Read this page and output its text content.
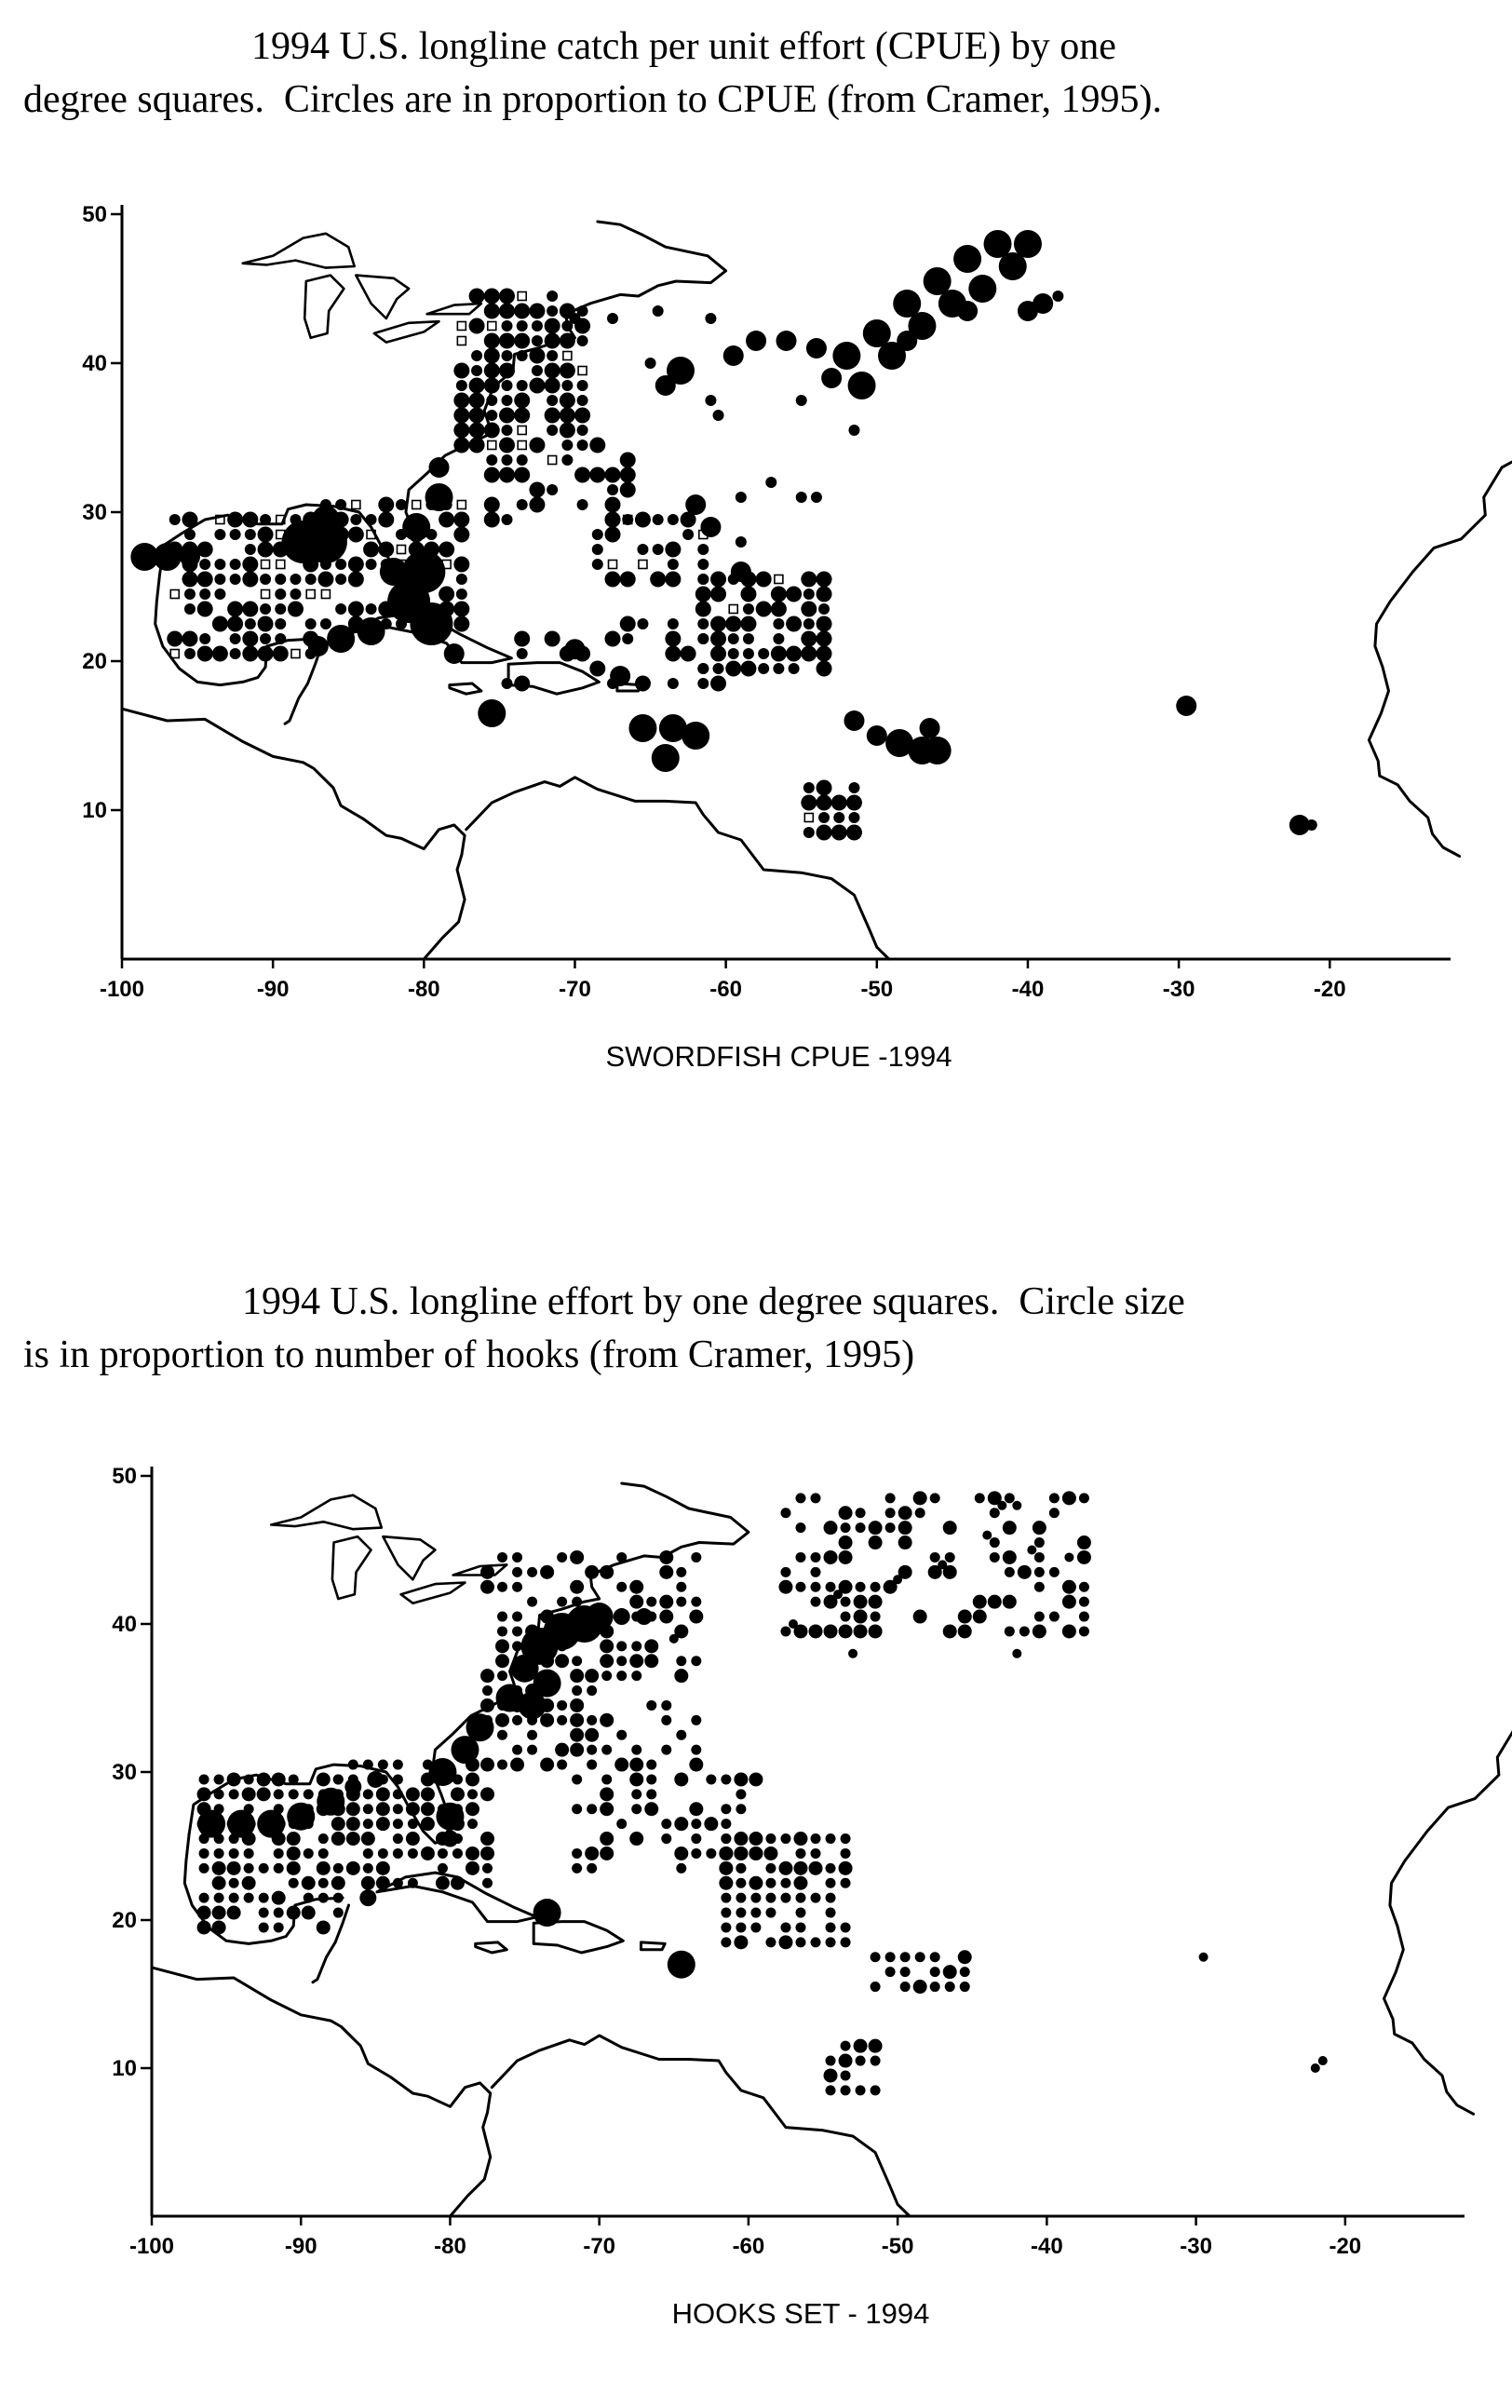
1994 U.S. longline catch per unit effort (CPUE) by one
degree squares.  Circles are in proportion to CPUE (from Cramer, 1995).
10
20
30
40
50
-100	-90	-80	-70	-60	-50	-40	-30	-20
SWORDFISH CPUE -1994
1994 U.S. longline effort by one degree squares.  Circle size
is in proportion to number of hooks (from Cramer, 1995)
10
20
30
40
50
-100	-90	-80	-70	-60	-50	-40	-30	-20
HOOKS SET - 1994
